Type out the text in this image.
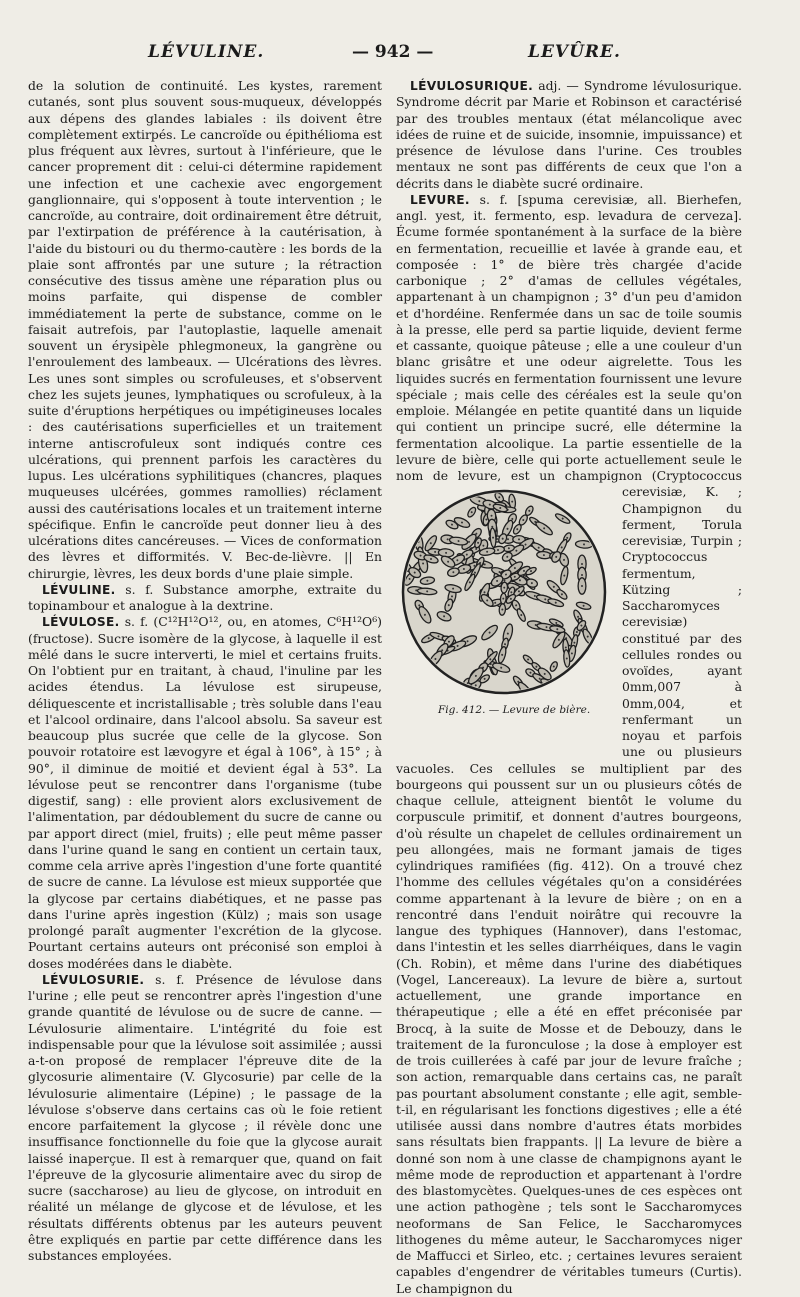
LÉVULINE.	— 942 —	LEVÛRE.

de la solution de continuité. Les kystes, rarement cutanés, sont plus souvent sous-muqueux, développés aux dépens des glandes labiales : ils doivent être complètement extirpés. Le cancroïde ou épithélioma est plus fréquent aux lèvres, surtout à l'inférieure, que le cancer proprement dit : celui-ci détermine rapidement une infection et une cachexie avec engorgement ganglionnaire, qui s'opposent à toute intervention ; le cancroïde, au contraire, doit ordinairement être détruit, par l'extirpation de préférence à la cautérisation, à l'aide du bistouri ou du thermo-cautère : les bords de la plaie sont affrontés par une suture ; la rétraction consécutive des tissus amène une réparation plus ou moins parfaite, qui dispense de combler immédiatement la perte de substance, comme on le faisait autrefois, par l'autoplastie, laquelle amenait souvent un érysipèle phlegmoneux, la gangrène ou l'enroulement des lambeaux. — Ulcérations des lèvres. Les unes sont simples ou scrofuleuses, et s'observent chez les sujets jeunes, lymphatiques ou scrofuleux, à la suite d'éruptions herpétiques ou impétigineuses locales : des cautérisations superficielles et un traitement interne antiscrofuleux sont indiqués contre ces ulcérations, qui prennent parfois les caractères du lupus. Les ulcérations syphilitiques (chancres, plaques muqueuses ulcérées, gommes ramollies) réclament aussi des cautérisations locales et un traitement interne spécifique. Enfin le cancroïde peut donner lieu à des ulcérations dites cancéreuses. — Vices de conformation des lèvres et difformités. V. Bec-de-lièvre. || En chirurgie, lèvres, les deux bords d'une plaie simple.

LÉVULINE. s. f. Substance amorphe, extraite du topinambour et analogue à la dextrine.

LÉVULOSE. s. f. (C¹²H¹²O¹², ou, en atomes, C⁶H¹²O⁶) (fructose). Sucre isomère de la glycose, à laquelle il est mêlé dans le sucre interverti, le miel et certains fruits. On l'obtient pur en traitant, à chaud, l'inuline par les acides étendus. La lévulose est sirupeuse, déliquescente et incristallisable ; très soluble dans l'eau et l'alcool ordinaire, dans l'alcool absolu. Sa saveur est beaucoup plus sucrée que celle de la glycose. Son pouvoir rotatoire est lævogyre et égal à 106°, à 15° ; à 90°, il diminue de moitié et devient égal à 53°. La lévulose peut se rencontrer dans l'organisme (tube digestif, sang) : elle provient alors exclusivement de l'alimentation, par dédoublement du sucre de canne ou par apport direct (miel, fruits) ; elle peut même passer dans l'urine quand le sang en contient un certain taux, comme cela arrive après l'ingestion d'une forte quantité de sucre de canne. La lévulose est mieux supportée que la glycose par certains diabétiques, et ne passe pas dans l'urine après ingestion (Külz) ; mais son usage prolongé paraît augmenter l'excrétion de la glycose. Pourtant certains auteurs ont préconisé son emploi à doses modérées dans le diabète.

LÉVULOSURIE. s. f. Présence de lévulose dans l'urine ; elle peut se rencontrer après l'ingestion d'une grande quantité de lévulose ou de sucre de canne. — Lévulosurie alimentaire. L'intégrité du foie est indispensable pour que la lévulose soit assimilée ; aussi a-t-on proposé de remplacer l'épreuve dite de la glycosurie alimentaire (V. Glycosurie) par celle de la lévulosurie alimentaire (Lépine) ; le passage de la lévulose s'observe dans certains cas où le foie retient encore parfaitement la glycose ; il révèle donc une insuffisance fonctionnelle du foie que la glycose aurait laissé inaperçue. Il est à remarquer que, quand on fait l'épreuve de la glycosurie alimentaire avec du sirop de sucre (saccharose) au lieu de glycose, on introduit en réalité un mélange de glycose et de lévulose, et les résultats différents obtenus par les auteurs peuvent être expliqués en partie par cette différence dans les substances employées.

LÉVULOSURIQUE. adj. — Syndrome lévulosurique. Syndrome décrit par Marie et Robinson et caractérisé par des troubles mentaux (état mélancolique avec idées de ruine et de suicide, insomnie, impuissance) et présence de lévulose dans l'urine. Ces troubles mentaux ne sont pas différents de ceux que l'on a décrits dans le diabète sucré ordinaire.

LEVURE. s. f. [spuma cerevisiæ, all. Bierhefen, angl. yest, it. fermento, esp. levadura de cerveza]. Écume formée spontanément à la surface de la bière en fermentation, recueillie et lavée à grande eau, et composée : 1° de bière très chargée d'acide carbonique ; 2° d'amas de cellules végétales, appartenant à un champignon ; 3° d'un peu d'amidon et d'hordéine. Renfermée dans un sac de toile soumis à la presse, elle perd sa partie liquide, devient ferme et cassante, quoique pâteuse ; elle a une couleur d'un blanc grisâtre et une odeur aigrelette. Tous les liquides sucrés en fermentation fournissent une levure spéciale ; mais celle des céréales est la seule qu'on emploie. Mélangée en petite quantité dans un liquide qui contient un principe sucré, elle détermine la fermentation alcoolique. La partie essentielle de la levure de bière, celle qui porte actuellement seule le nom de levure, est un champignon
Fig. 412. — Levure de bière.
(Cryptococcus cerevisiæ, K. ; Champignon du ferment, Torula cerevisiæ, Turpin ; Cryptococcus fermentum, Kützing ; Saccharomyces cerevisiæ) constitué par des cellules rondes ou ovoïdes, ayant 0mm,007 à 0mm,004, et renfermant un noyau et parfois une ou plusieurs vacuoles. Ces cellules se multiplient par des bourgeons qui poussent sur un ou plusieurs côtés de chaque cellule, atteignent bientôt le volume du corpuscule primitif, et donnent d'autres bourgeons, d'où résulte un chapelet de cellules ordinairement un peu allongées, mais ne formant jamais de tiges cylindriques ramifiées (fig. 412). On a trouvé chez l'homme des cellules végétales qu'on a considérées comme appartenant à la levure de bière ; on en a rencontré dans l'enduit noirâtre qui recouvre la langue des typhiques (Hannover), dans l'estomac, dans l'intestin et les selles diarrhéiques, dans le vagin (Ch. Robin), et même dans l'urine des diabétiques (Vogel, Lancereaux). La levure de bière a, surtout actuellement, une grande importance en thérapeutique ; elle a été en effet préconisée par Brocq, à la suite de Mosse et de Debouzy, dans le traitement de la furonculose ; la dose à employer est de trois cuillerées à café par jour de levure fraîche ; son action, remarquable dans certains cas, ne paraît pas pourtant absolument constante ; elle agit, semble-t-il, en régularisant les fonctions digestives ; elle a été utilisée aussi dans nombre d'autres états morbides sans résultats bien frappants. || La levure de bière a donné son nom à une classe de champignons ayant le même mode de reproduction et appartenant à l'ordre des blastomycètes. Quelques-unes de ces espèces ont une action pathogène ; tels sont le Saccharomyces neoformans de San Felice, le Saccharomyces lithogenes du même auteur, le Saccharomyces niger de Maffucci et Sirleo, etc. ; certaines levures seraient capables d'engendrer de véritables tumeurs (Curtis). Le champignon du
